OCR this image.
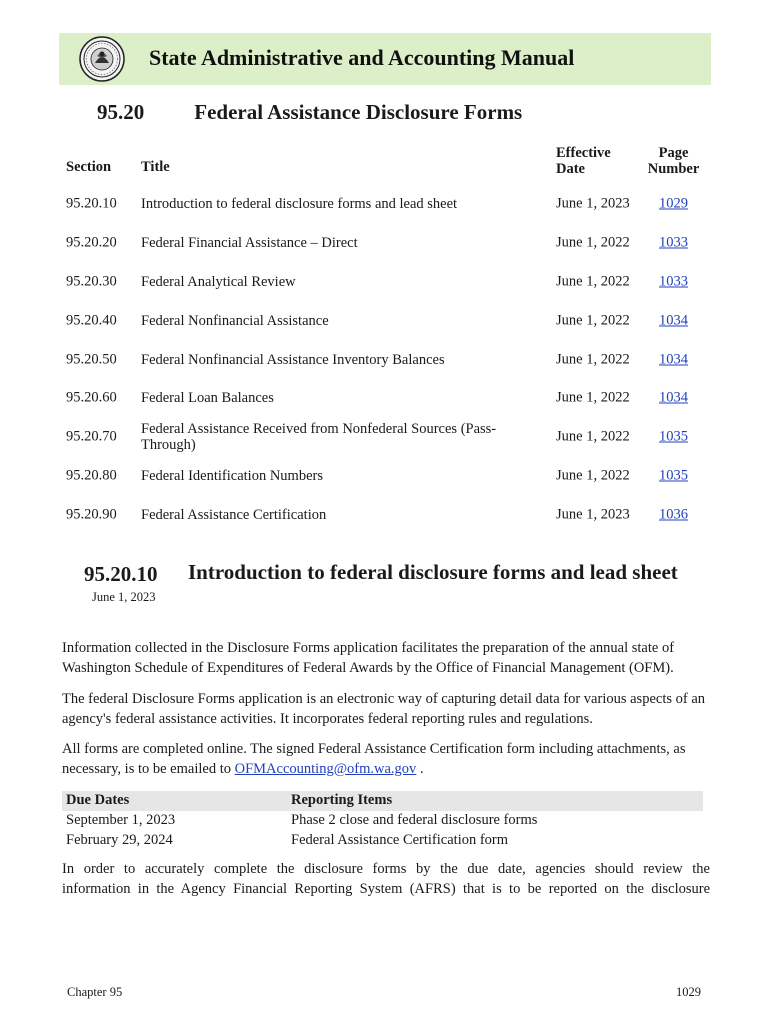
State Administrative and Accounting Manual
95.20 Federal Assistance Disclosure Forms
Section Title
Effective Date
Page Number
95.20.10 Introduction to federal disclosure forms and lead sheet	June 1, 2023	1029
95.20.20 Federal Financial Assistance – Direct	June 1, 2022	1033
95.20.30 Federal Analytical Review	June 1, 2022	1033
95.20.40 Federal Nonfinancial Assistance	June 1, 2022	1034
95.20.50 Federal Nonfinancial Assistance Inventory Balances	June 1, 2022	1034
95.20.60 Federal Loan Balances	June 1, 2022	1034
95.20.70 Federal Assistance Received from Nonfederal Sources (Pass-Through)
June 1, 2022	1035
95.20.80 Federal Identification Numbers	June 1, 2022	1035
95.20.90 Federal Assistance Certification	June 1, 2023	1036
95.20.10
June 1, 2023
Introduction to federal disclosure forms and lead sheet

Information collected in the Disclosure Forms application facilitates the preparation of the annual state of Washington Schedule of Expenditures of Federal Awards by the Office of Financial Management (OFM).

The federal Disclosure Forms application is an electronic way of capturing detail data for various aspects of an agency's federal assistance activities. It incorporates federal reporting rules and regulations.

All forms are completed online. The signed Federal Assistance Certification form including attachments, as necessary, is to be emailed to OFMAccounting@ofm.wa.gov .

Due Dates	Reporting Items
September 1, 2023	Phase 2 close and federal disclosure forms
February 29, 2024	Federal Assistance Certification form

In order to accurately complete the disclosure forms by the due date, agencies should review the

information in the Agency Financial Reporting System (AFRS) that is to be reported on the disclosure

Chapter 95	1029
